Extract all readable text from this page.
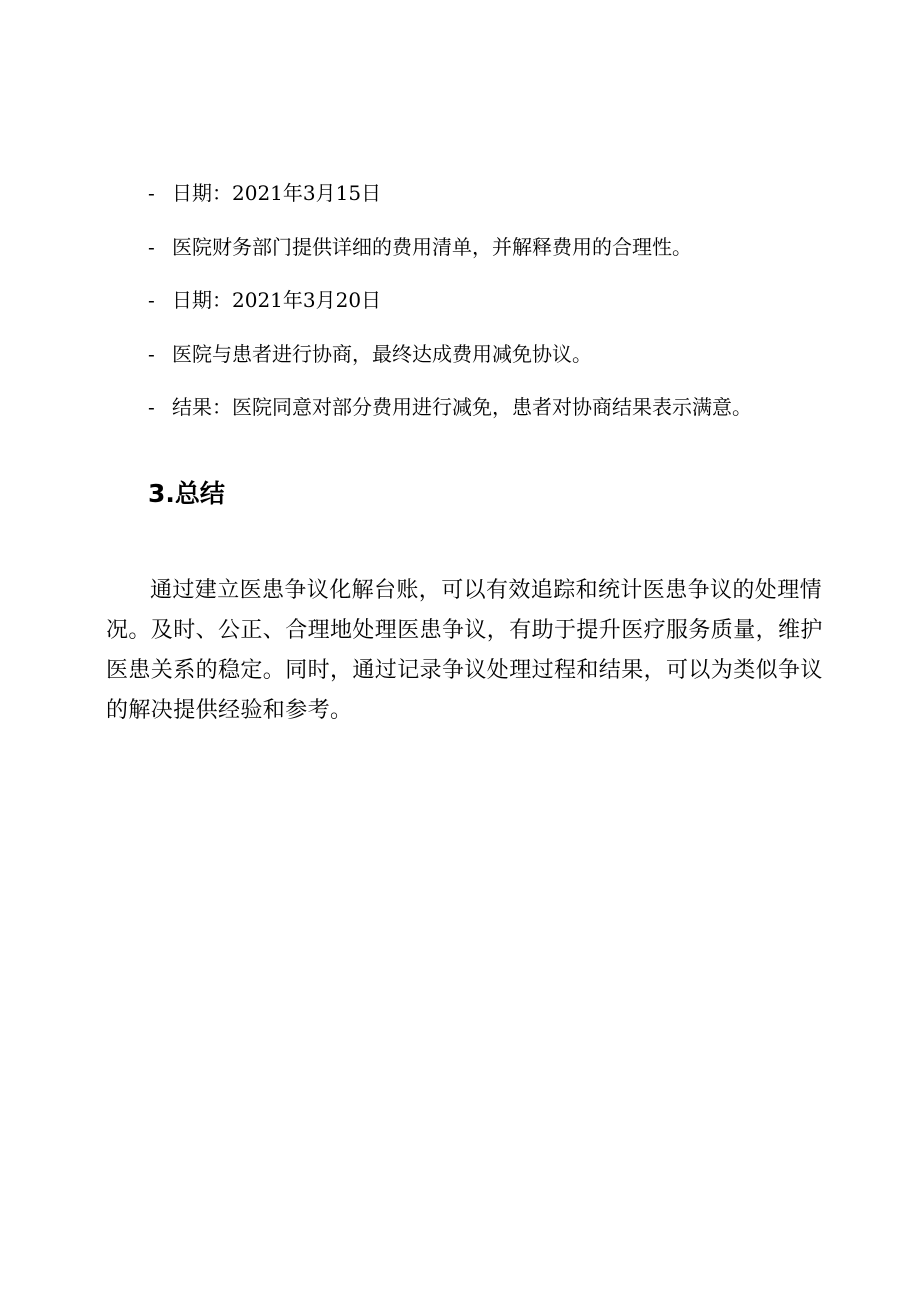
- 日期：2021年3月15日
- 医院财务部门提供详细的费用清单，并解释费用的合理性。
- 日期：2021年3月20日
- 医院与患者进行协商，最终达成费用减免协议。
- 结果：医院同意对部分费用进行减免，患者对协商结果表示满意。
3.总结

通过建立医患争议化解台账，可以有效追踪和统计医患争议的处理情况。及时、公正、合理地处理医患争议，有助于提升医疗服务质量，维护医患关系的稳定。同时，通过记录争议处理过程和结果，可以为类似争议的解决提供经验和参考。
